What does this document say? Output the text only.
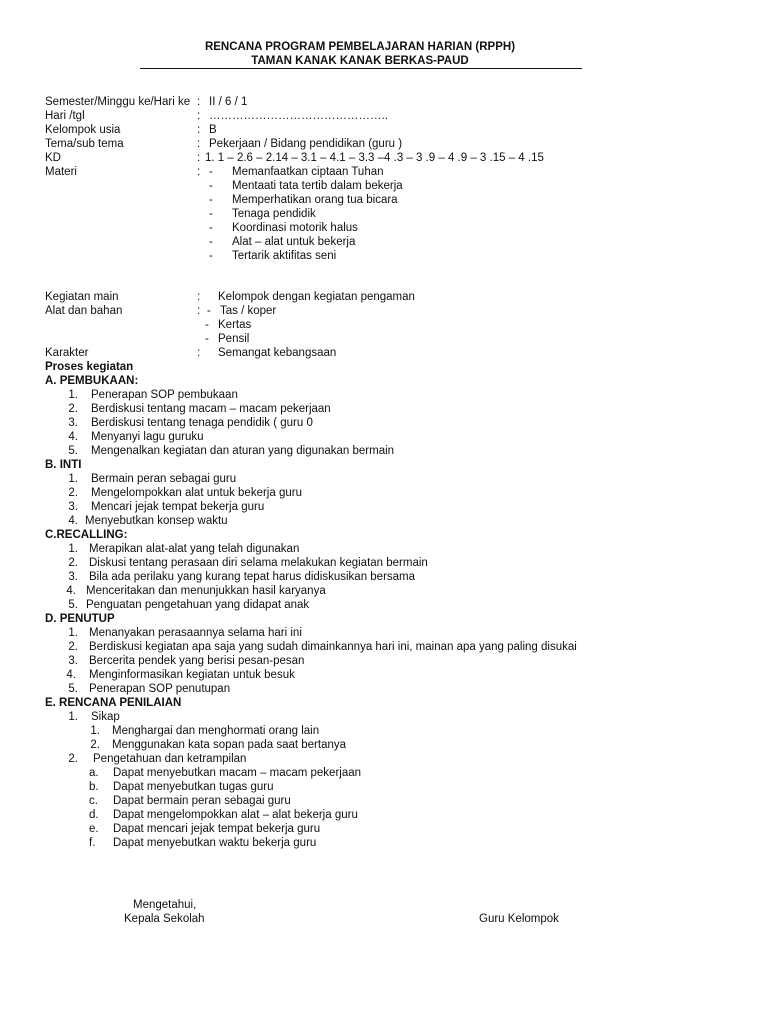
RENCANA PROGRAM PEMBELAJARAN HARIAN (RPPH)
TAMAN KANAK KANAK BERKAS-PAUD
Semester/Minggu ke/Hari ke : II / 6 / 1
Hari /tgl	: ………………………………………..
Kelompok usia	: B
Tema/sub tema	: Pekerjaan / Bidang pendidikan (guru )
KD	: 1. 1 – 2.6 – 2.14 – 3.1 – 4.1 – 3.3 –4 .3 – 3 .9 – 4 .9 – 3 .15 – 4 .15
Materi	: - Memanfaatkan ciptaan Tuhan
- Mentaati tata tertib dalam bekerja
- Memperhatikan orang tua bicara
- Tenaga pendidik
- Koordinasi motorik halus
- Alat – alat untuk bekerja
- Tertarik aktifitas seni
Kegiatan main	: Kelompok dengan kegiatan pengaman
Alat dan bahan	: - Tas / koper
- Kertas
- Pensil
Karakter	: Semangat kebangsaan
Proses kegiatan
A. PEMBUKAAN:
1. Penerapan SOP pembukaan
2. Berdiskusi tentang macam – macam pekerjaan
3. Berdiskusi tentang tenaga pendidik ( guru 0
4. Menyanyi lagu guruku
5. Mengenalkan kegiatan dan aturan yang digunakan bermain
B. INTI
1. Bermain peran sebagai guru
2. Mengelompokkan alat untuk bekerja guru
3. Mencari jejak tempat bekerja guru
4. Menyebutkan konsep waktu
C.RECALLING:
1. Merapikan alat-alat yang telah digunakan
2. Diskusi tentang perasaan diri selama melakukan kegiatan bermain
3. Bila ada perilaku yang kurang tepat harus didiskusikan bersama
4. Menceritakan dan menunjukkan hasil karyanya
5. Penguatan pengetahuan yang didapat anak
D. PENUTUP
1. Menanyakan perasaannya selama hari ini
2. Berdiskusi kegiatan apa saja yang sudah dimainkannya hari ini, mainan apa yang paling disukai
3. Bercerita pendek yang berisi pesan-pesan
4. Menginformasikan kegiatan untuk besuk
5. Penerapan SOP penutupan
E. RENCANA PENILAIAN
1. Sikap
1. Menghargai dan menghormati orang lain
2. Menggunakan kata sopan pada saat bertanya
2. Pengetahuan dan ketrampilan
a. Dapat menyebutkan macam – macam pekerjaan
b. Dapat menyebutkan tugas guru
c. Dapat bermain peran sebagai guru
d. Dapat mengelompokkan alat – alat bekerja guru
e. Dapat mencari jejak tempat bekerja guru
f. Dapat menyebutkan waktu bekerja guru
Mengetahui,
Kepala Sekolah	Guru Kelompok
